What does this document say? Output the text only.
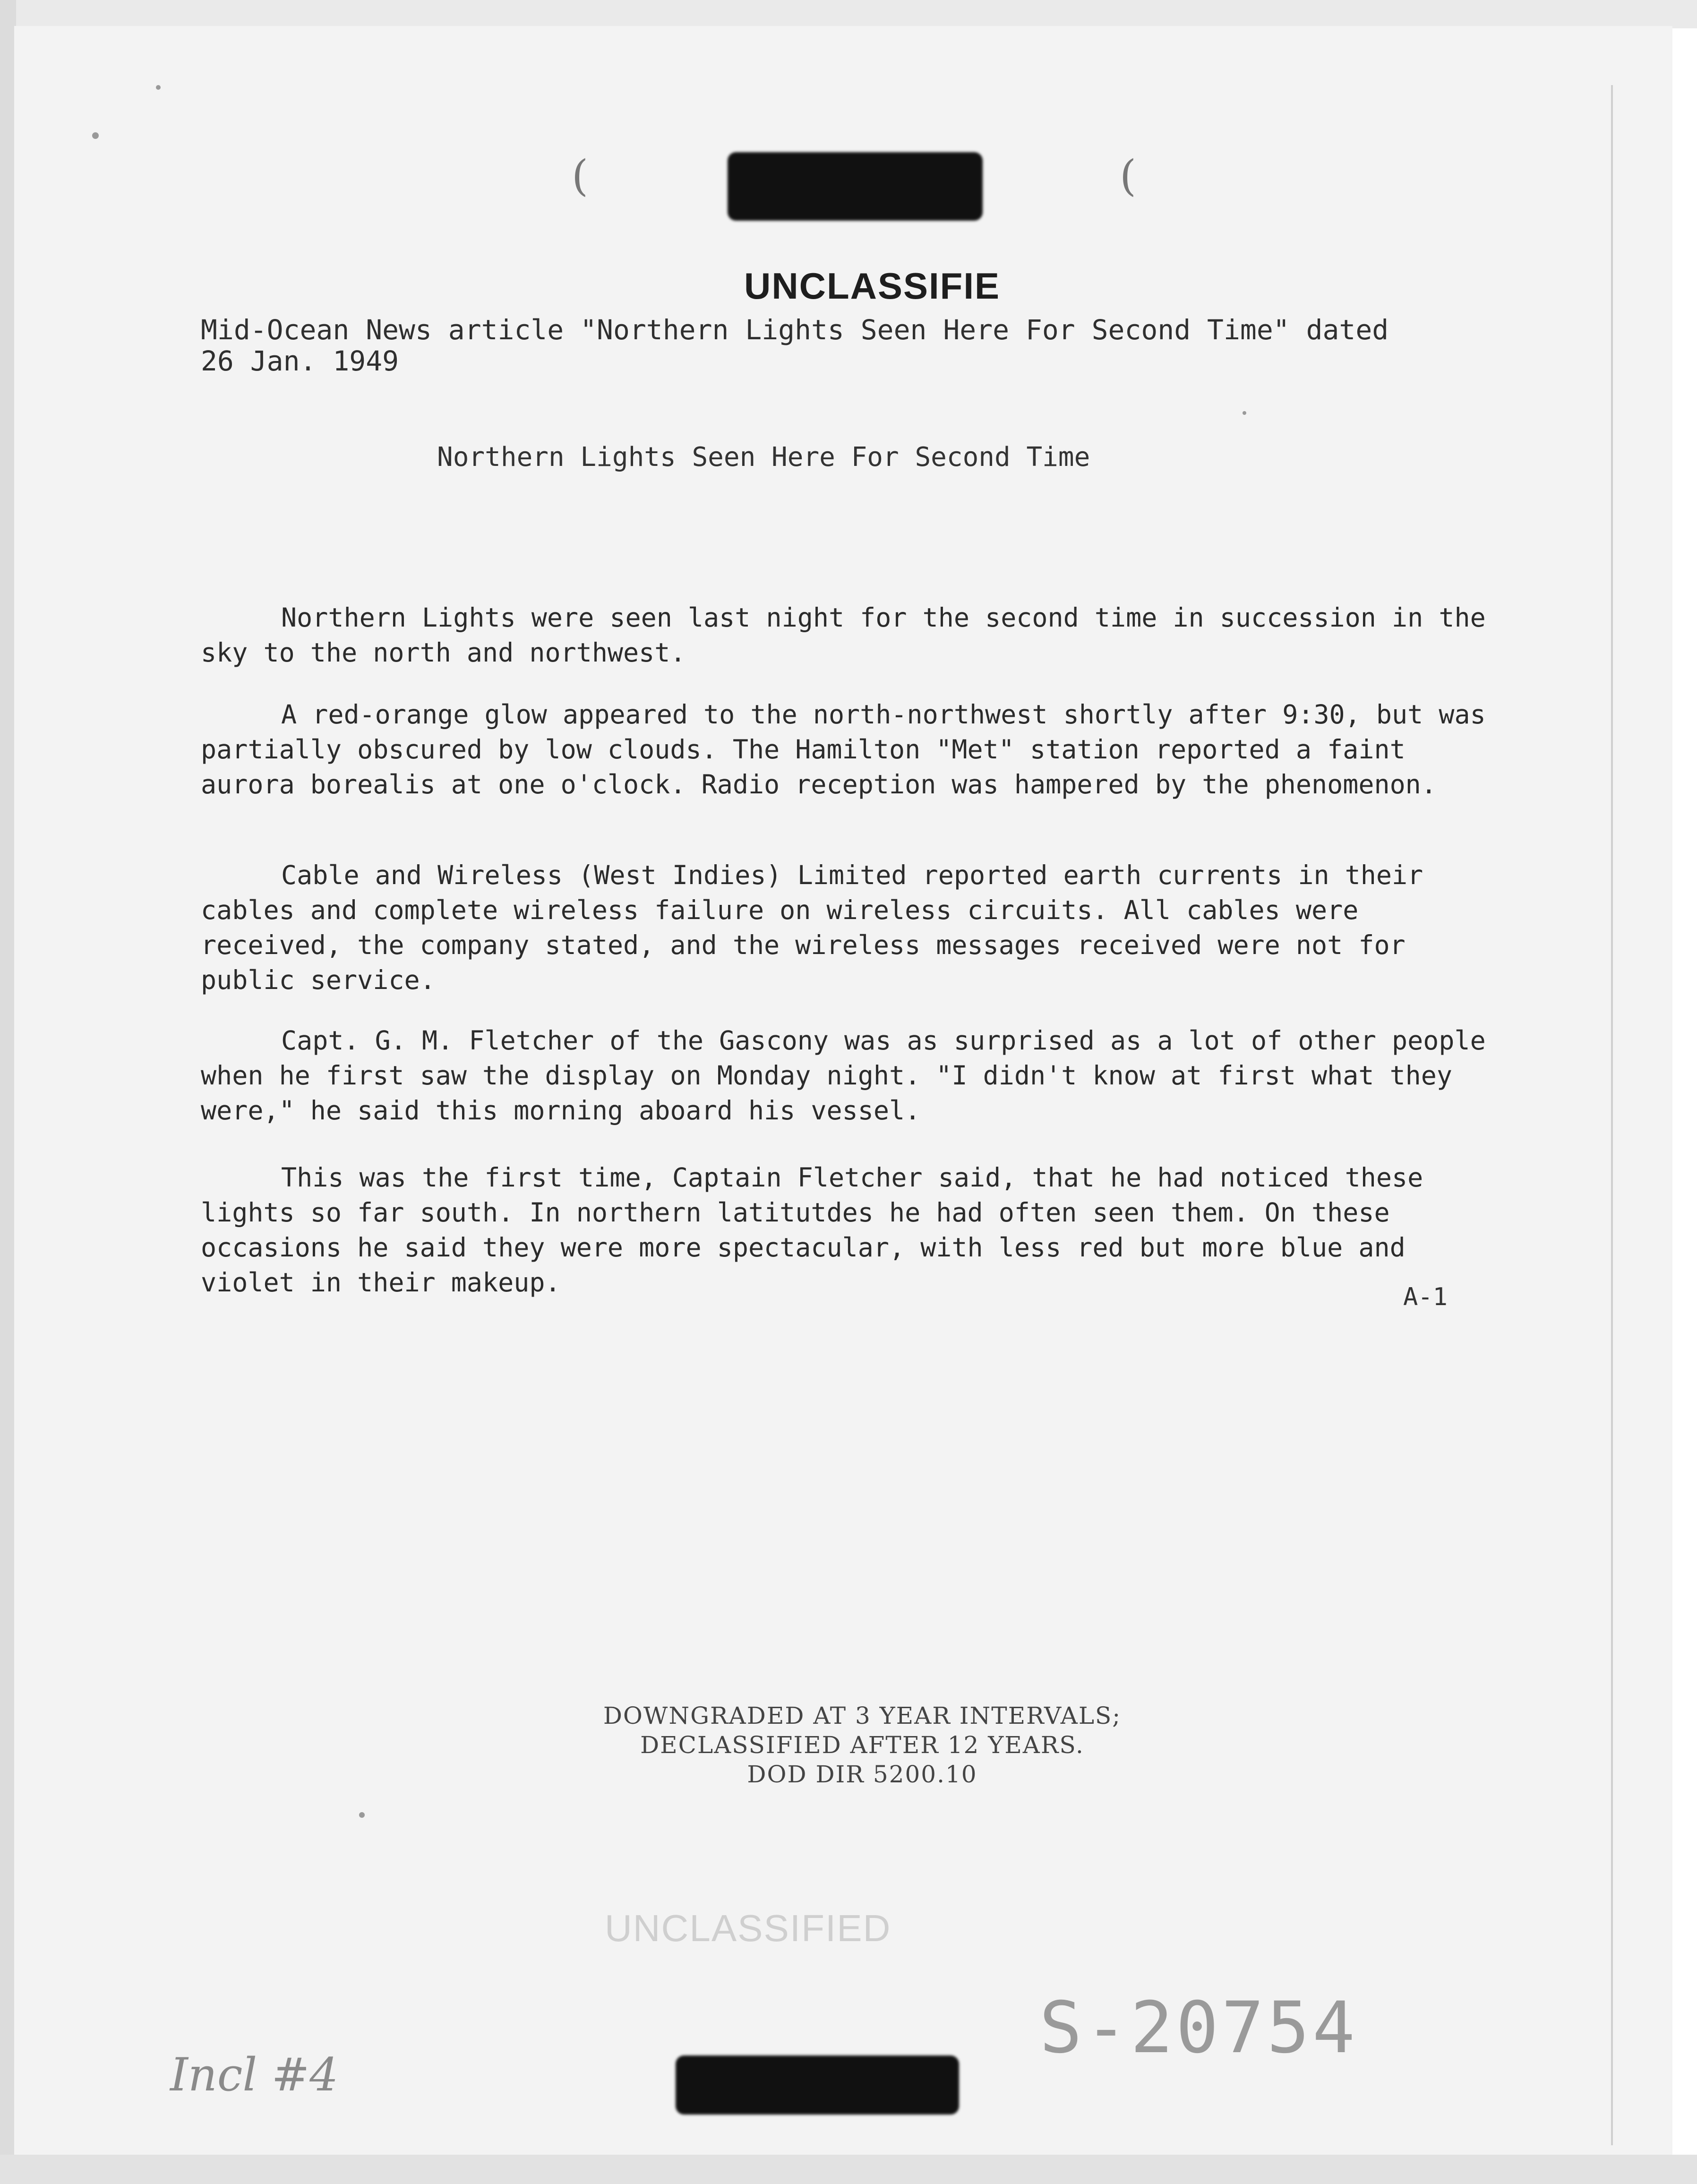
(	(
UNCLASSIFIE
Mid-Ocean News article "Northern Lights Seen Here For Second Time" dated
26 Jan. 1949
Northern Lights Seen Here For Second Time

Northern Lights were seen last night for the second time in succession in the sky to the north and northwest.

A red-orange glow appeared to the north-northwest shortly after 9:30, but was partially obscured by low clouds. The Hamilton "Met" station reported a faint aurora borealis at one o'clock. Radio reception was hampered by the phenomenon.

Cable and Wireless (West Indies) Limited reported earth currents in their cables and complete wireless failure on wireless circuits. All cables were received, the company stated, and the wireless messages received were not for public service.

Capt. G. M. Fletcher of the Gascony was as surprised as a lot of other people when he first saw the display on Monday night. "I didn't know at first what they were," he said this morning aboard his vessel.

This was the first time, Captain Fletcher said, that he had noticed these lights so far south. In northern latitutdes he had often seen them. On these occasions he said they were more spectacular, with less red but more blue and violet in their makeup.	A-1
DOWNGRADED AT 3 YEAR INTERVALS;
DECLASSIFIED AFTER 12 YEARS.
DOD DIR 5200.10
UNCLASSIFIED
S-20754
Incl #4
